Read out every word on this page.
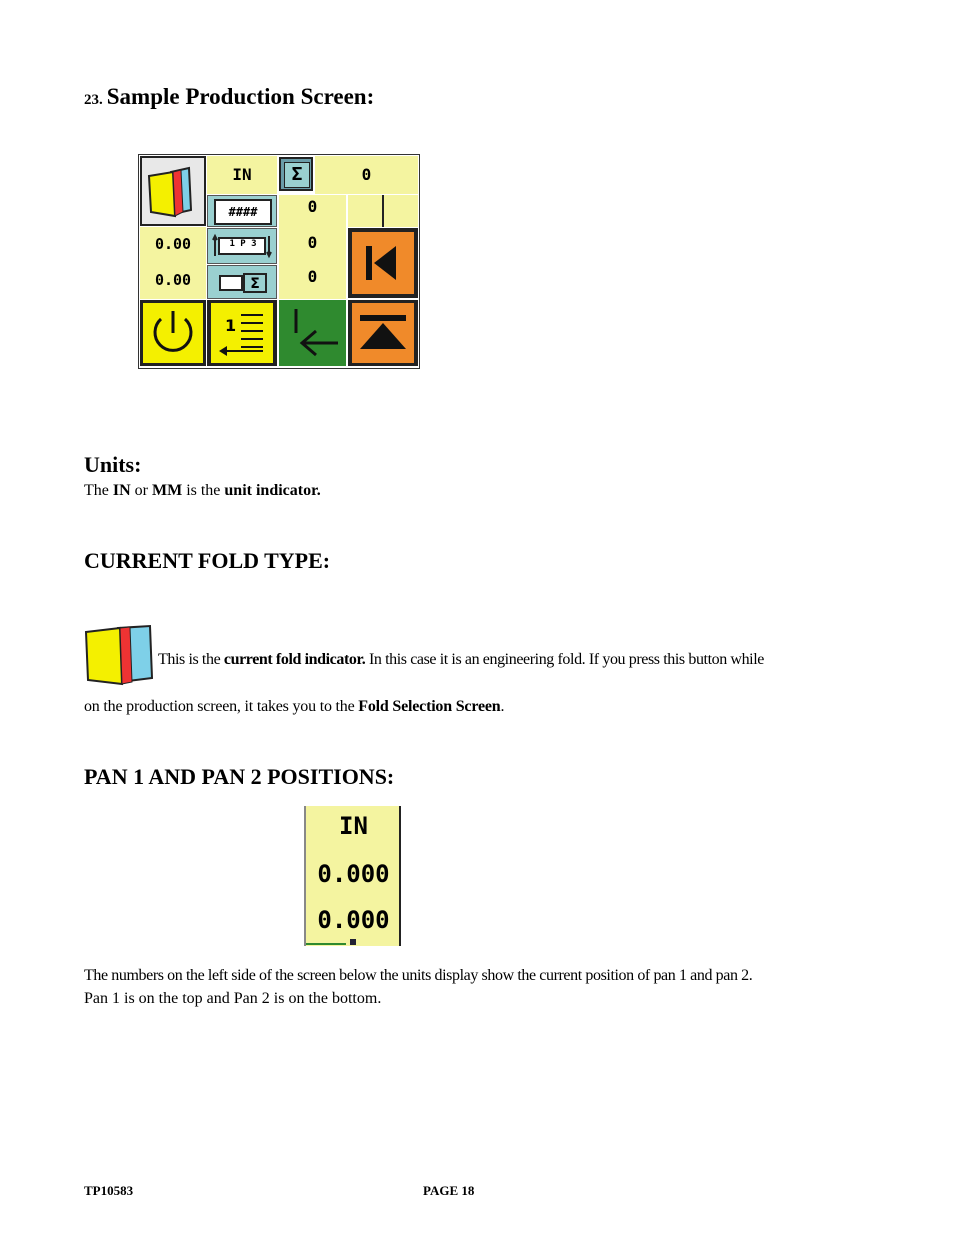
23. Sample Production Screen:
IN	Σ	0
####	0
0
0
0.00
0.00
1 P 3
Σ
1
Units:

The IN or MM is the unit indicator.

CURRENT FOLD TYPE:

This is the current fold indicator. In this case it is an engineering fold. If you press this button while

on the production screen, it takes you to the Fold Selection Screen.

PAN 1 AND PAN 2 POSITIONS:
IN
0.000
0.000

The numbers on the left side of the screen below the units display show the current position of pan 1 and pan 2.

Pan 1 is on the top and Pan 2 is on the bottom.

TP10583	PAGE 18
